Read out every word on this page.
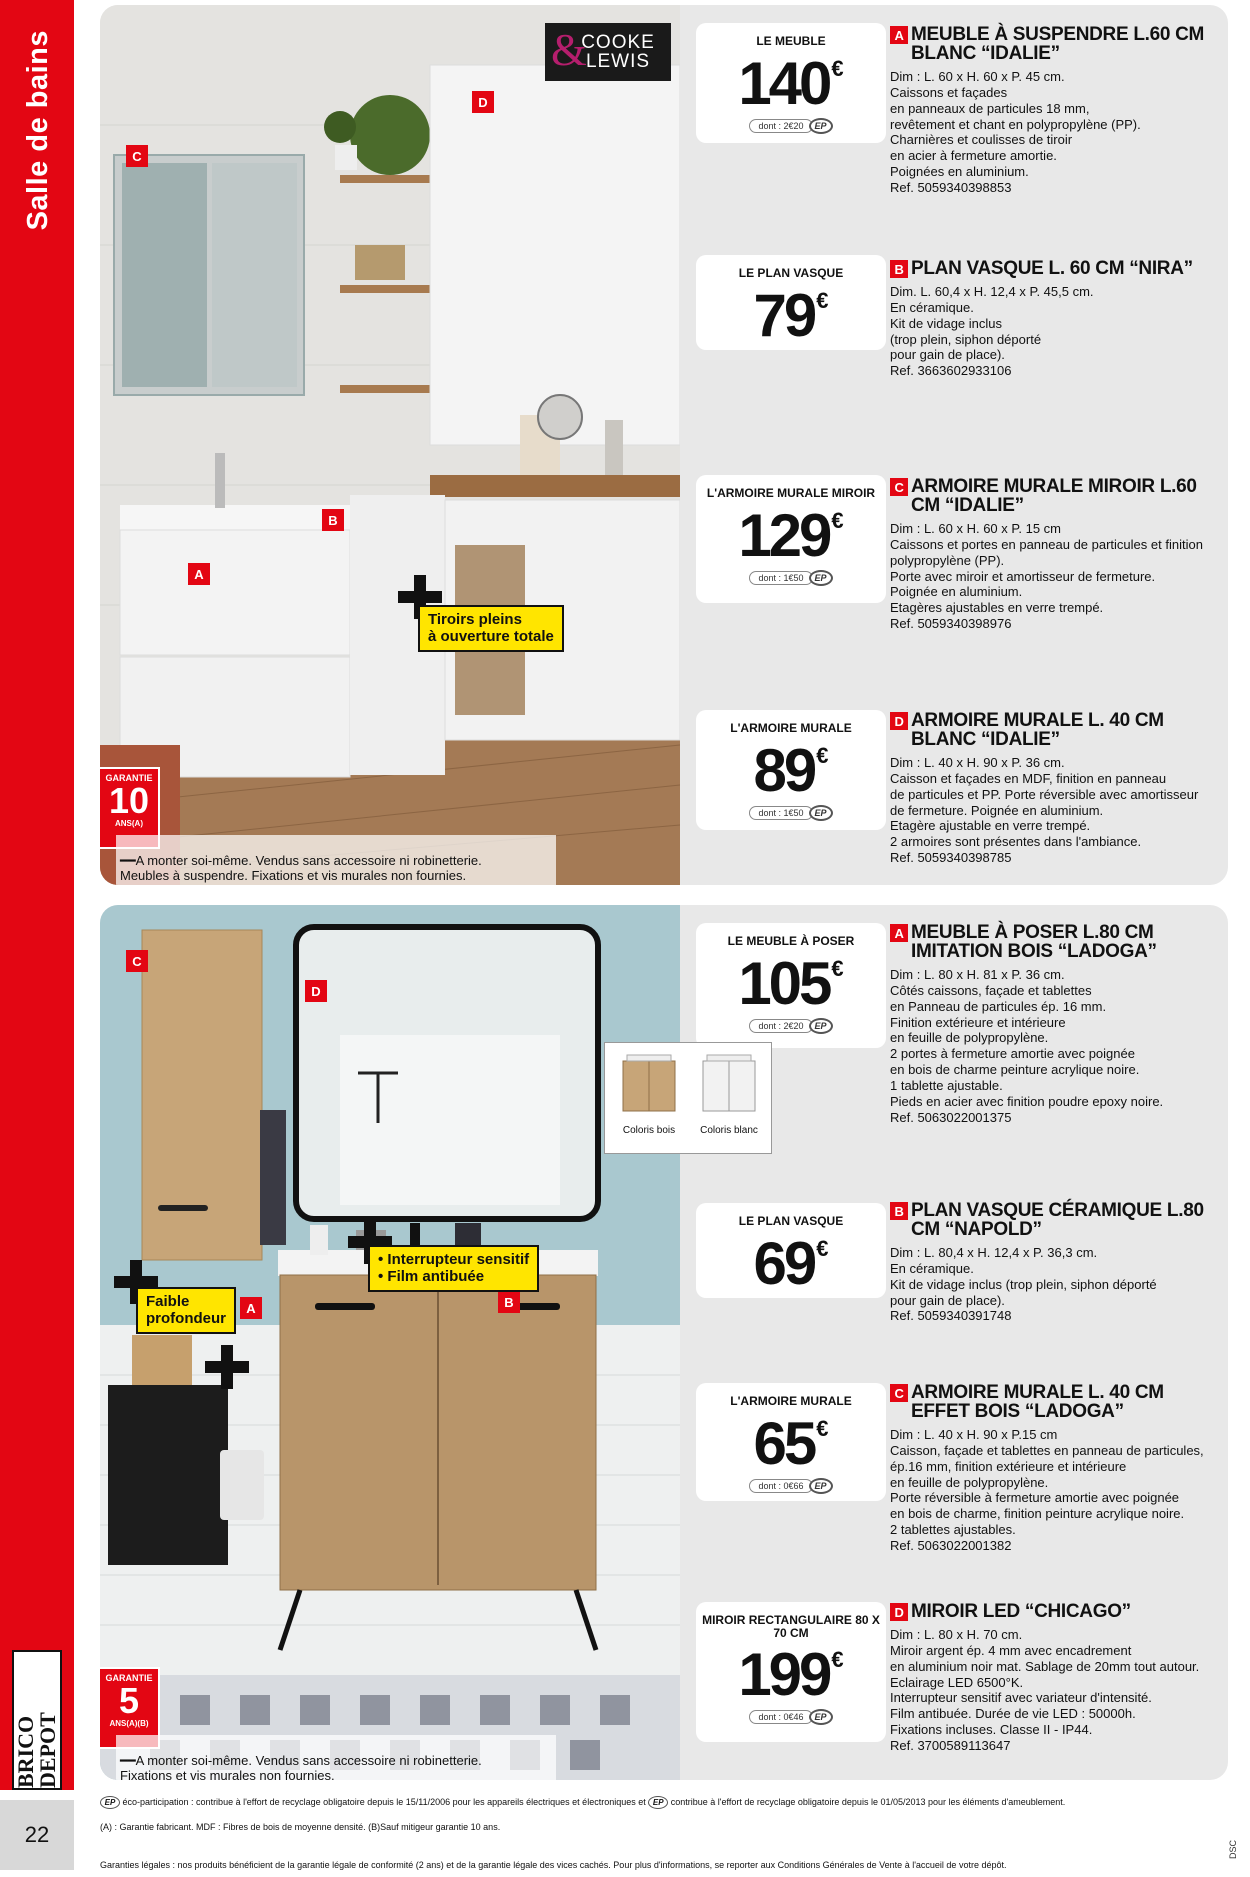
Salle de bains
BRICO DEPOT
22
&
COOKE
LEWIS
D
C
B
A
Tiroirs pleins
à ouverture totale
GARANTIE
10
ANS(A)

━━A monter soi-même. Vendus sans accessoire ni robinetterie.
Meubles à suspendre. Fixations et vis murales non fournies.

LE MEUBLE
140 €
dont : 2€20	EP
LE PLAN VASQUE
79 €
L'ARMOIRE MURALE MIROIR
129 €
dont : 1€50	EP
L'ARMOIRE MURALE
89 €
dont : 1€50	EP
A MEUBLE À SUSPENDRE L.60 CM BLANC “IDALIE”

Dim : L. 60 x H. 60 x P. 45 cm.

Caissons et façades

en panneaux de particules 18 mm,

revêtement et chant en polypropylène (PP).

Charnières et coulisses de tiroir

en acier à fermeture amortie.

Poignées en aluminium.

Ref. 5059340398853

B PLAN VASQUE L. 60 CM “NIRA”

Dim. L. 60,4 x H. 12,4 x P. 45,5 cm.

En céramique.

Kit de vidage inclus

(trop plein, siphon déporté

pour gain de place).

Ref. 3663602933106

C ARMOIRE MURALE MIROIR L.60 CM “IDALIE”

Dim : L. 60 x H. 60 x P. 15 cm

Caissons et portes en panneau de particules et finition

polypropylène (PP).

Porte avec miroir et amortisseur de fermeture.

Poignée en aluminium.

Etagères ajustables en verre trempé.

Ref. 5059340398976

D ARMOIRE MURALE L. 40 CM BLANC “IDALIE”

Dim : L. 40 x H. 90 x P. 36 cm.

Caisson et façades en MDF, finition en panneau

de particules et PP. Porte réversible avec amortisseur

de fermeture. Poignée en aluminium.

Etagère ajustable en verre trempé.

2 armoires sont présentes dans l'ambiance.

Ref. 5059340398785

C
D
A	B
• Interrupteur sensitif
• Film antibuée
Faible
profondeur
GARANTIE
5
ANS(A)(B)

━━A monter soi-même. Vendus sans accessoire ni robinetterie.
Fixations et vis murales non fournies.

LE MEUBLE À POSER
105 €
dont : 2€20	EP
LE PLAN VASQUE
69 €
L'ARMOIRE MURALE
65 €
dont : 0€66	EP
MIROIR RECTANGULAIRE 80 X 70 CM
199 €
dont : 0€46	EP
A MEUBLE À POSER L.80 CM IMITATION BOIS “LADOGA”

Dim : L. 80 x H. 81 x P. 36 cm.

Côtés caissons, façade et tablettes

en Panneau de particules ép. 16 mm.

Finition extérieure et intérieure

en feuille de polypropylène.

2 portes à fermeture amortie avec poignée

en bois de charme peinture acrylique noire.

1 tablette ajustable.

Pieds en acier avec finition poudre epoxy noire.

Ref. 5063022001375

B PLAN VASQUE CÉRAMIQUE L.80 CM “NAPOLD”

Dim : L. 80,4 x H. 12,4 x P. 36,3 cm.

En céramique.

Kit de vidage inclus (trop plein, siphon déporté

pour gain de place).

Ref. 5059340391748

C ARMOIRE MURALE L. 40 CM EFFET BOIS “LADOGA”

Dim : L. 40 x H. 90 x P.15 cm

Caisson, façade et tablettes en panneau de particules,

ép.16 mm, finition extérieure et intérieure

en feuille de polypropylène.

Porte réversible à fermeture amortie avec poignée

en bois de charme, finition peinture acrylique noire.

2 tablettes ajustables.

Ref. 5063022001382

D MIROIR LED “CHICAGO”

Dim : L. 80 x H. 70 cm.

Miroir argent ép. 4 mm avec encadrement

en aluminium noir mat. Sablage de 20mm tout autour.

Eclairage LED 6500°K.

Interrupteur sensitif avec variateur d'intensité.

Film antibuée. Durée de vie LED : 50000h.

Fixations incluses. Classe II - IP44.

Ref. 3700589113647

Coloris bois	Coloris blanc
EP éco-participation : contribue à l'effort de recyclage obligatoire depuis le 15/11/2006 pour les appareils électriques et électroniques et EP contribue à l'effort de recyclage obligatoire depuis le 01/05/2013 pour les éléments d'ameublement.
(A) : Garantie fabricant. MDF : Fibres de bois de moyenne densité. (B)Sauf mitigeur garantie 10 ans.
Garanties légales : nos produits bénéficient de la garantie légale de conformité (2 ans) et de la garantie légale des vices cachés. Pour plus d'informations, se reporter aux Conditions Générales de Vente à l'accueil de votre dépôt.
DSC
